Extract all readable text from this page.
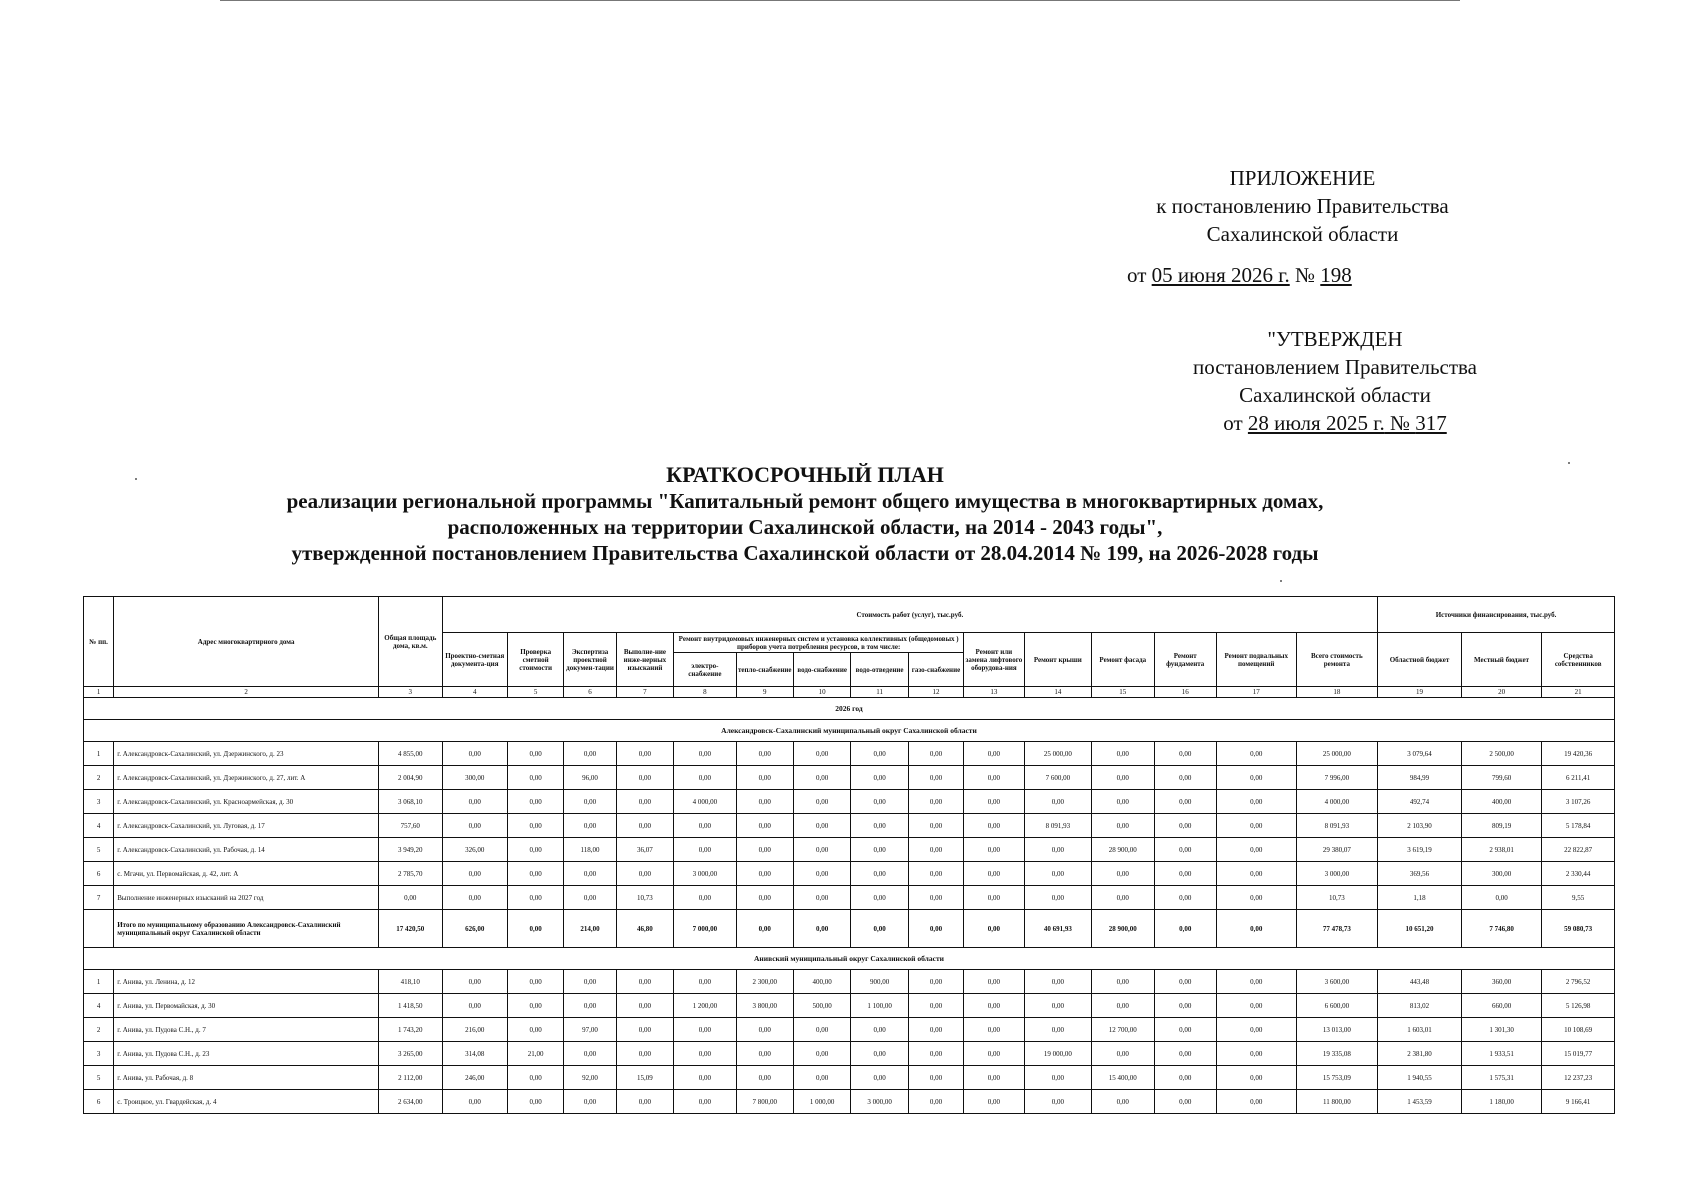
ПРИЛОЖЕНИЕ
к постановлению Правительства
Сахалинской области
от 05 июня 2026 г. № 198
"УТВЕРЖДЕН
постановлением Правительства
Сахалинской области
от 28 июля 2025 г. № 317
КРАТКОСРОЧНЫЙ ПЛАН
реализации региональной программы "Капитальный ремонт общего имущества в многоквартирных домах,
расположенных на территории Сахалинской области, на 2014 - 2043 годы",
утвержденной постановлением Правительства Сахалинской области от 28.04.2014 № 199, на 2026-2028 годы
№ пп.	Адрес многоквартирного дома	Общая площадь дома, кв.м.	Стоимость работ (услуг), тыс.руб.															Источники финансирования, тыс.руб.		
			Проектно-сметная документа-ция	Проверка сметной стоимости	Экспертиза проектной докумен-тации	Выполне-ние инже-нерных изысканий	Ремонт внутридомовых инженерных систем и установка коллективных (общедомовых ) приборов учета потребления ресурсов, в том числе:					Ремонт или замена лифтового оборудова-ния	Ремонт крыши	Ремонт фасада	Ремонт фундамента	Ремонт подвальных помещений	Всего стоимость ремонта	Областной бюджет	Местный бюджет	Средства собственников
							электро-снабжение	тепло-снабжение	водо-снабжение	водо-отведение	газо-снабжение									
1	2	3	4	5	6	7	8	9	10	11	12	13	14	15	16	17	18	19	20	21
2026 год																				
Александровск-Сахалинский муниципальный округ Сахалинской области																				
1	г. Александровск-Сахалинский, ул. Дзержинского, д. 23	4 855,00	0,00	0,00	0,00	0,00	0,00	0,00	0,00	0,00	0,00	0,00	25 000,00	0,00	0,00	0,00	25 000,00	3 079,64	2 500,00	19 420,36
2	г. Александровск-Сахалинский, ул. Дзержинского, д. 27, лит. А	2 004,90	300,00	0,00	96,00	0,00	0,00	0,00	0,00	0,00	0,00	0,00	7 600,00	0,00	0,00	0,00	7 996,00	984,99	799,60	6 211,41
3	г. Александровск-Сахалинский, ул. Красноармейская, д. 30	3 068,10	0,00	0,00	0,00	0,00	4 000,00	0,00	0,00	0,00	0,00	0,00	0,00	0,00	0,00	0,00	4 000,00	492,74	400,00	3 107,26
4	г. Александровск-Сахалинский, ул. Луговая, д. 17	757,60	0,00	0,00	0,00	0,00	0,00	0,00	0,00	0,00	0,00	0,00	8 091,93	0,00	0,00	0,00	8 091,93	2 103,90	809,19	5 178,84
5	г. Александровск-Сахалинский, ул. Рабочая, д. 14	3 949,20	326,00	0,00	118,00	36,07	0,00	0,00	0,00	0,00	0,00	0,00	0,00	28 900,00	0,00	0,00	29 380,07	3 619,19	2 938,01	22 822,87
6	с. Мгачи, ул. Первомайская, д. 42, лит. А	2 785,70	0,00	0,00	0,00	0,00	3 000,00	0,00	0,00	0,00	0,00	0,00	0,00	0,00	0,00	0,00	3 000,00	369,56	300,00	2 330,44
7	Выполнение инженерных изысканий на 2027 год	0,00	0,00	0,00	0,00	10,73	0,00	0,00	0,00	0,00	0,00	0,00	0,00	0,00	0,00	0,00	10,73	1,18	0,00	9,55
	Итого по муниципальному образованию Александровск-Сахалинский муниципальный округ Сахалинской области	17 420,50	626,00	0,00	214,00	46,80	7 000,00	0,00	0,00	0,00	0,00	0,00	40 691,93	28 900,00	0,00	0,00	77 478,73	10 651,20	7 746,80	59 080,73
Анивский муниципальный округ Сахалинской области																				
1	г. Анива, ул. Ленина, д. 12	418,10	0,00	0,00	0,00	0,00	0,00	2 300,00	400,00	900,00	0,00	0,00	0,00	0,00	0,00	0,00	3 600,00	443,48	360,00	2 796,52
4	г. Анива, ул. Первомайская, д. 30	1 418,50	0,00	0,00	0,00	0,00	1 200,00	3 800,00	500,00	1 100,00	0,00	0,00	0,00	0,00	0,00	0,00	6 600,00	813,02	660,00	5 126,98
2	г. Анива, ул. Пудова С.Н., д. 7	1 743,20	216,00	0,00	97,00	0,00	0,00	0,00	0,00	0,00	0,00	0,00	0,00	12 700,00	0,00	0,00	13 013,00	1 603,01	1 301,30	10 108,69
3	г. Анива, ул. Пудова С.Н., д. 23	3 265,00	314,08	21,00	0,00	0,00	0,00	0,00	0,00	0,00	0,00	0,00	19 000,00	0,00	0,00	0,00	19 335,08	2 381,80	1 933,51	15 019,77
5	г. Анива, ул. Рабочая, д. 8	2 112,00	246,00	0,00	92,00	15,09	0,00	0,00	0,00	0,00	0,00	0,00	0,00	15 400,00	0,00	0,00	15 753,09	1 940,55	1 575,31	12 237,23
6	с. Троицкое, ул. Гвардейская, д. 4	2 634,00	0,00	0,00	0,00	0,00	0,00	7 800,00	1 000,00	3 000,00	0,00	0,00	0,00	0,00	0,00	0,00	11 800,00	1 453,59	1 180,00	9 166,41
